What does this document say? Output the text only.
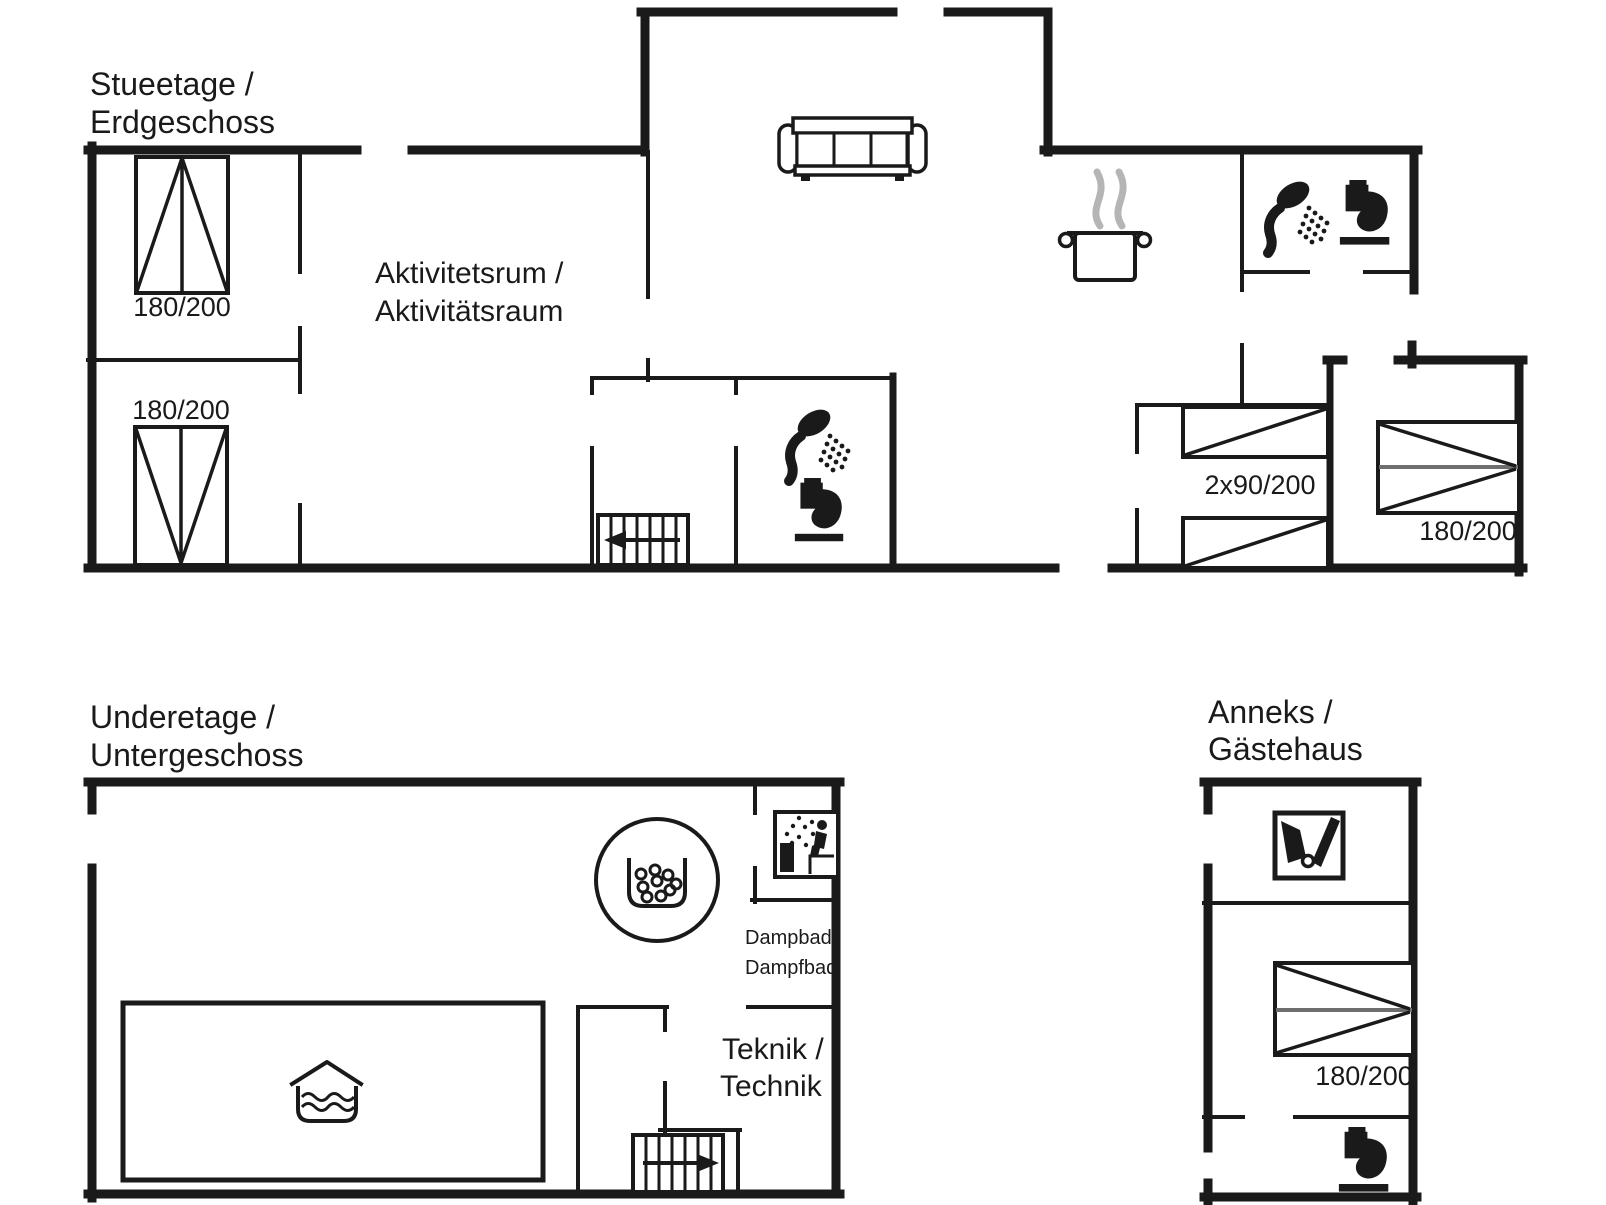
Stueetage /
Erdgeschoss
Aktivitetsrum /
Aktivitätsraum
180/200
180/200
2x90/200
180/200
Underetage /
Untergeschoss
Dampbad/
Dampfbad
Teknik /
Technik
Anneks /
Gästehaus
180/200
